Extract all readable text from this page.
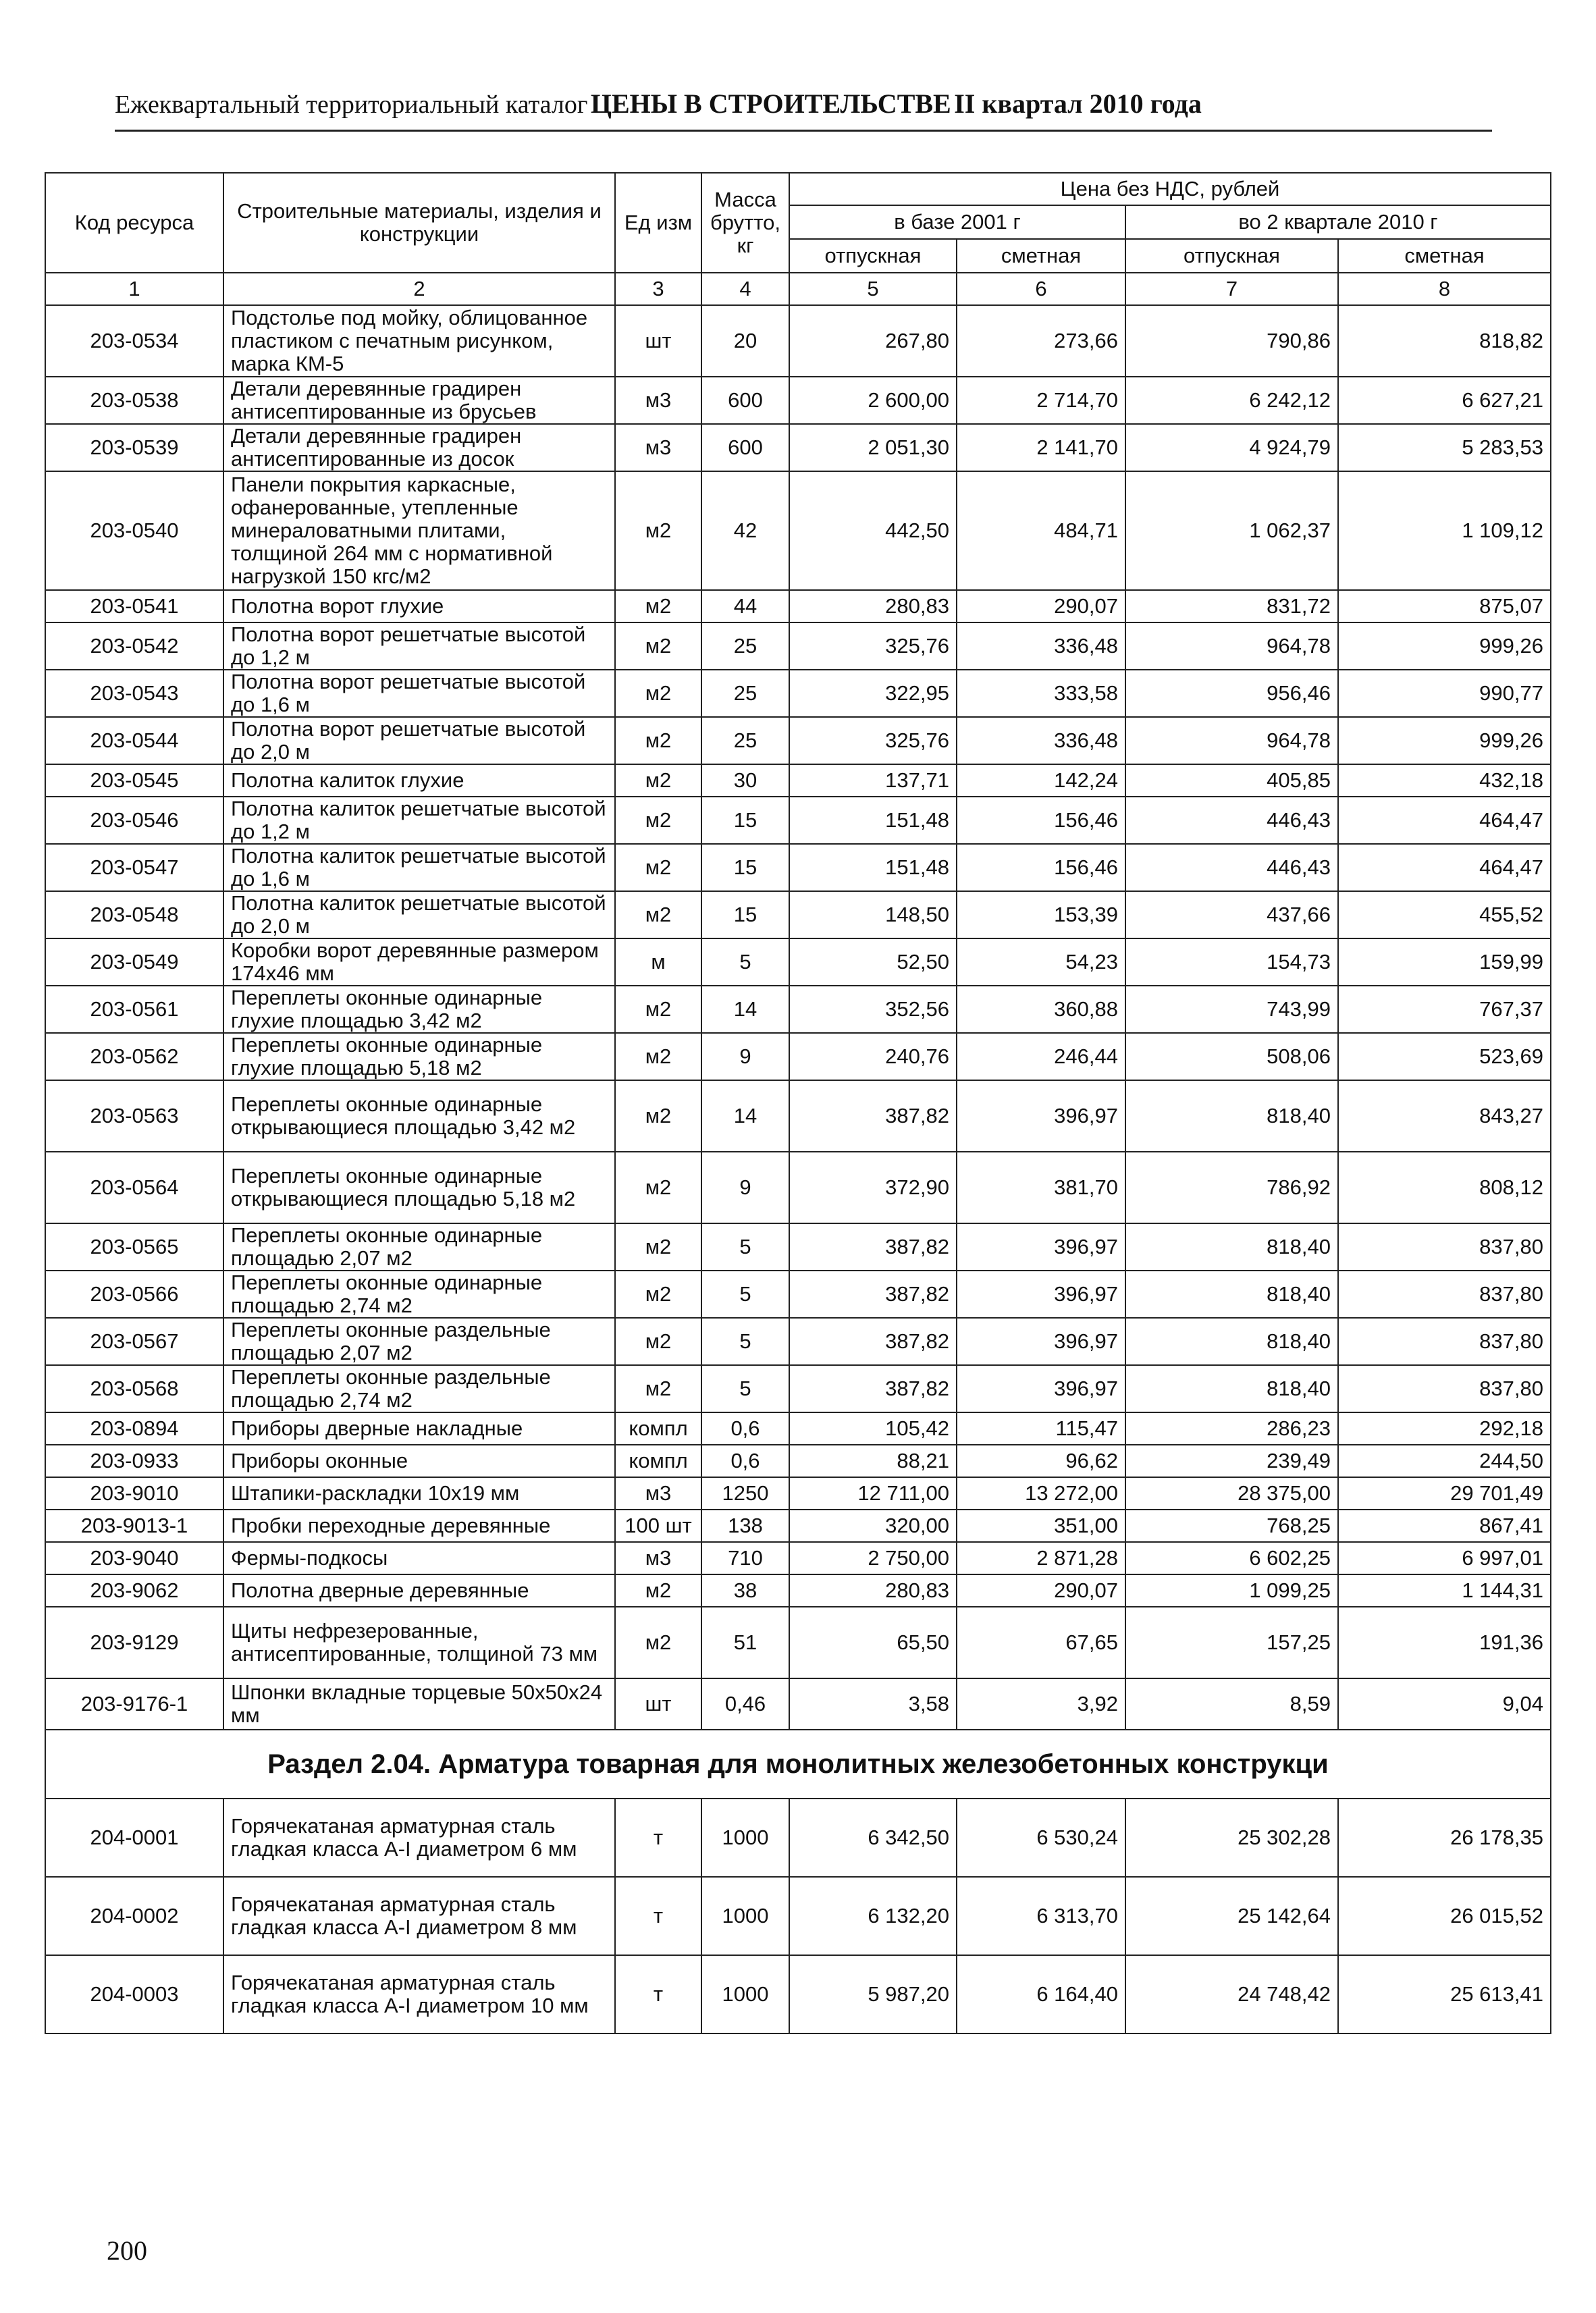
Ежеквартальный территориальный каталог ЦЕНЫ В СТРОИТЕЛЬСТВЕ II квартал 2010 года
Код ресурса	Строительные материалы, изделия и конструкции	Ед изм	Масса брутто, кг	Цена без НДС, рублей			
				в базе 2001 г		во 2 квартале 2010 г	
				отпускная	сметная	отпускная	сметная
1	2	3	4	5	6	7	8
203-0534	Подстолье под мойку, облицованное пластиком с печатным рисунком, марка КМ-5	шт	20	267,80	273,66	790,86	818,82
203-0538	Детали деревянные градирен антисептированные из брусьев	м3	600	2 600,00	2 714,70	6 242,12	6 627,21
203-0539	Детали деревянные градирен антисептированные из досок	м3	600	2 051,30	2 141,70	4 924,79	5 283,53
203-0540	Панели покрытия каркасные, офанерованные, утепленные минераловатными плитами, толщиной 264 мм с нормативной нагрузкой 150 кгс/м2	м2	42	442,50	484,71	1 062,37	1 109,12
203-0541	Полотна ворот глухие	м2	44	280,83	290,07	831,72	875,07
203-0542	Полотна ворот решетчатые высотой до 1,2 м	м2	25	325,76	336,48	964,78	999,26
203-0543	Полотна ворот решетчатые высотой до 1,6 м	м2	25	322,95	333,58	956,46	990,77
203-0544	Полотна ворот решетчатые высотой до 2,0 м	м2	25	325,76	336,48	964,78	999,26
203-0545	Полотна калиток глухие	м2	30	137,71	142,24	405,85	432,18
203-0546	Полотна калиток решетчатые высотой до 1,2 м	м2	15	151,48	156,46	446,43	464,47
203-0547	Полотна калиток решетчатые высотой до 1,6 м	м2	15	151,48	156,46	446,43	464,47
203-0548	Полотна калиток решетчатые высотой до 2,0 м	м2	15	148,50	153,39	437,66	455,52
203-0549	Коробки ворот деревянные размером 174х46 мм	м	5	52,50	54,23	154,73	159,99
203-0561	Переплеты оконные одинарные глухие площадью 3,42 м2	м2	14	352,56	360,88	743,99	767,37
203-0562	Переплеты оконные одинарные глухие площадью 5,18 м2	м2	9	240,76	246,44	508,06	523,69
203-0563	Переплеты оконные одинарные открывающиеся площадью 3,42 м2	м2	14	387,82	396,97	818,40	843,27
203-0564	Переплеты оконные одинарные открывающиеся площадью 5,18 м2	м2	9	372,90	381,70	786,92	808,12
203-0565	Переплеты оконные одинарные площадью 2,07 м2	м2	5	387,82	396,97	818,40	837,80
203-0566	Переплеты оконные одинарные площадью 2,74 м2	м2	5	387,82	396,97	818,40	837,80
203-0567	Переплеты оконные раздельные площадью 2,07 м2	м2	5	387,82	396,97	818,40	837,80
203-0568	Переплеты оконные раздельные площадью 2,74 м2	м2	5	387,82	396,97	818,40	837,80
203-0894	Приборы дверные накладные	компл	0,6	105,42	115,47	286,23	292,18
203-0933	Приборы оконные	компл	0,6	88,21	96,62	239,49	244,50
203-9010	Штапики-раскладки 10х19 мм	м3	1250	12 711,00	13 272,00	28 375,00	29 701,49
203-9013-1	Пробки переходные деревянные	100 шт	138	320,00	351,00	768,25	867,41
203-9040	Фермы-подкосы	м3	710	2 750,00	2 871,28	6 602,25	6 997,01
203-9062	Полотна дверные деревянные	м2	38	280,83	290,07	1 099,25	1 144,31
203-9129	Щиты нефрезерованные, антисептированные, толщиной 73 мм	м2	51	65,50	67,65	157,25	191,36
203-9176-1	Шпонки вкладные торцевые 50х50х24 мм	шт	0,46	3,58	3,92	8,59	9,04
Раздел 2.04. Арматура товарная для монолитных железобетонных конструкци							
204-0001	Горячекатаная арматурная сталь гладкая класса А-I диаметром 6 мм	т	1000	6 342,50	6 530,24	25 302,28	26 178,35
204-0002	Горячекатаная арматурная сталь гладкая класса А-I диаметром 8 мм	т	1000	6 132,20	6 313,70	25 142,64	26 015,52
204-0003	Горячекатаная арматурная сталь гладкая класса А-I диаметром 10 мм	т	1000	5 987,20	6 164,40	24 748,42	25 613,41
200
